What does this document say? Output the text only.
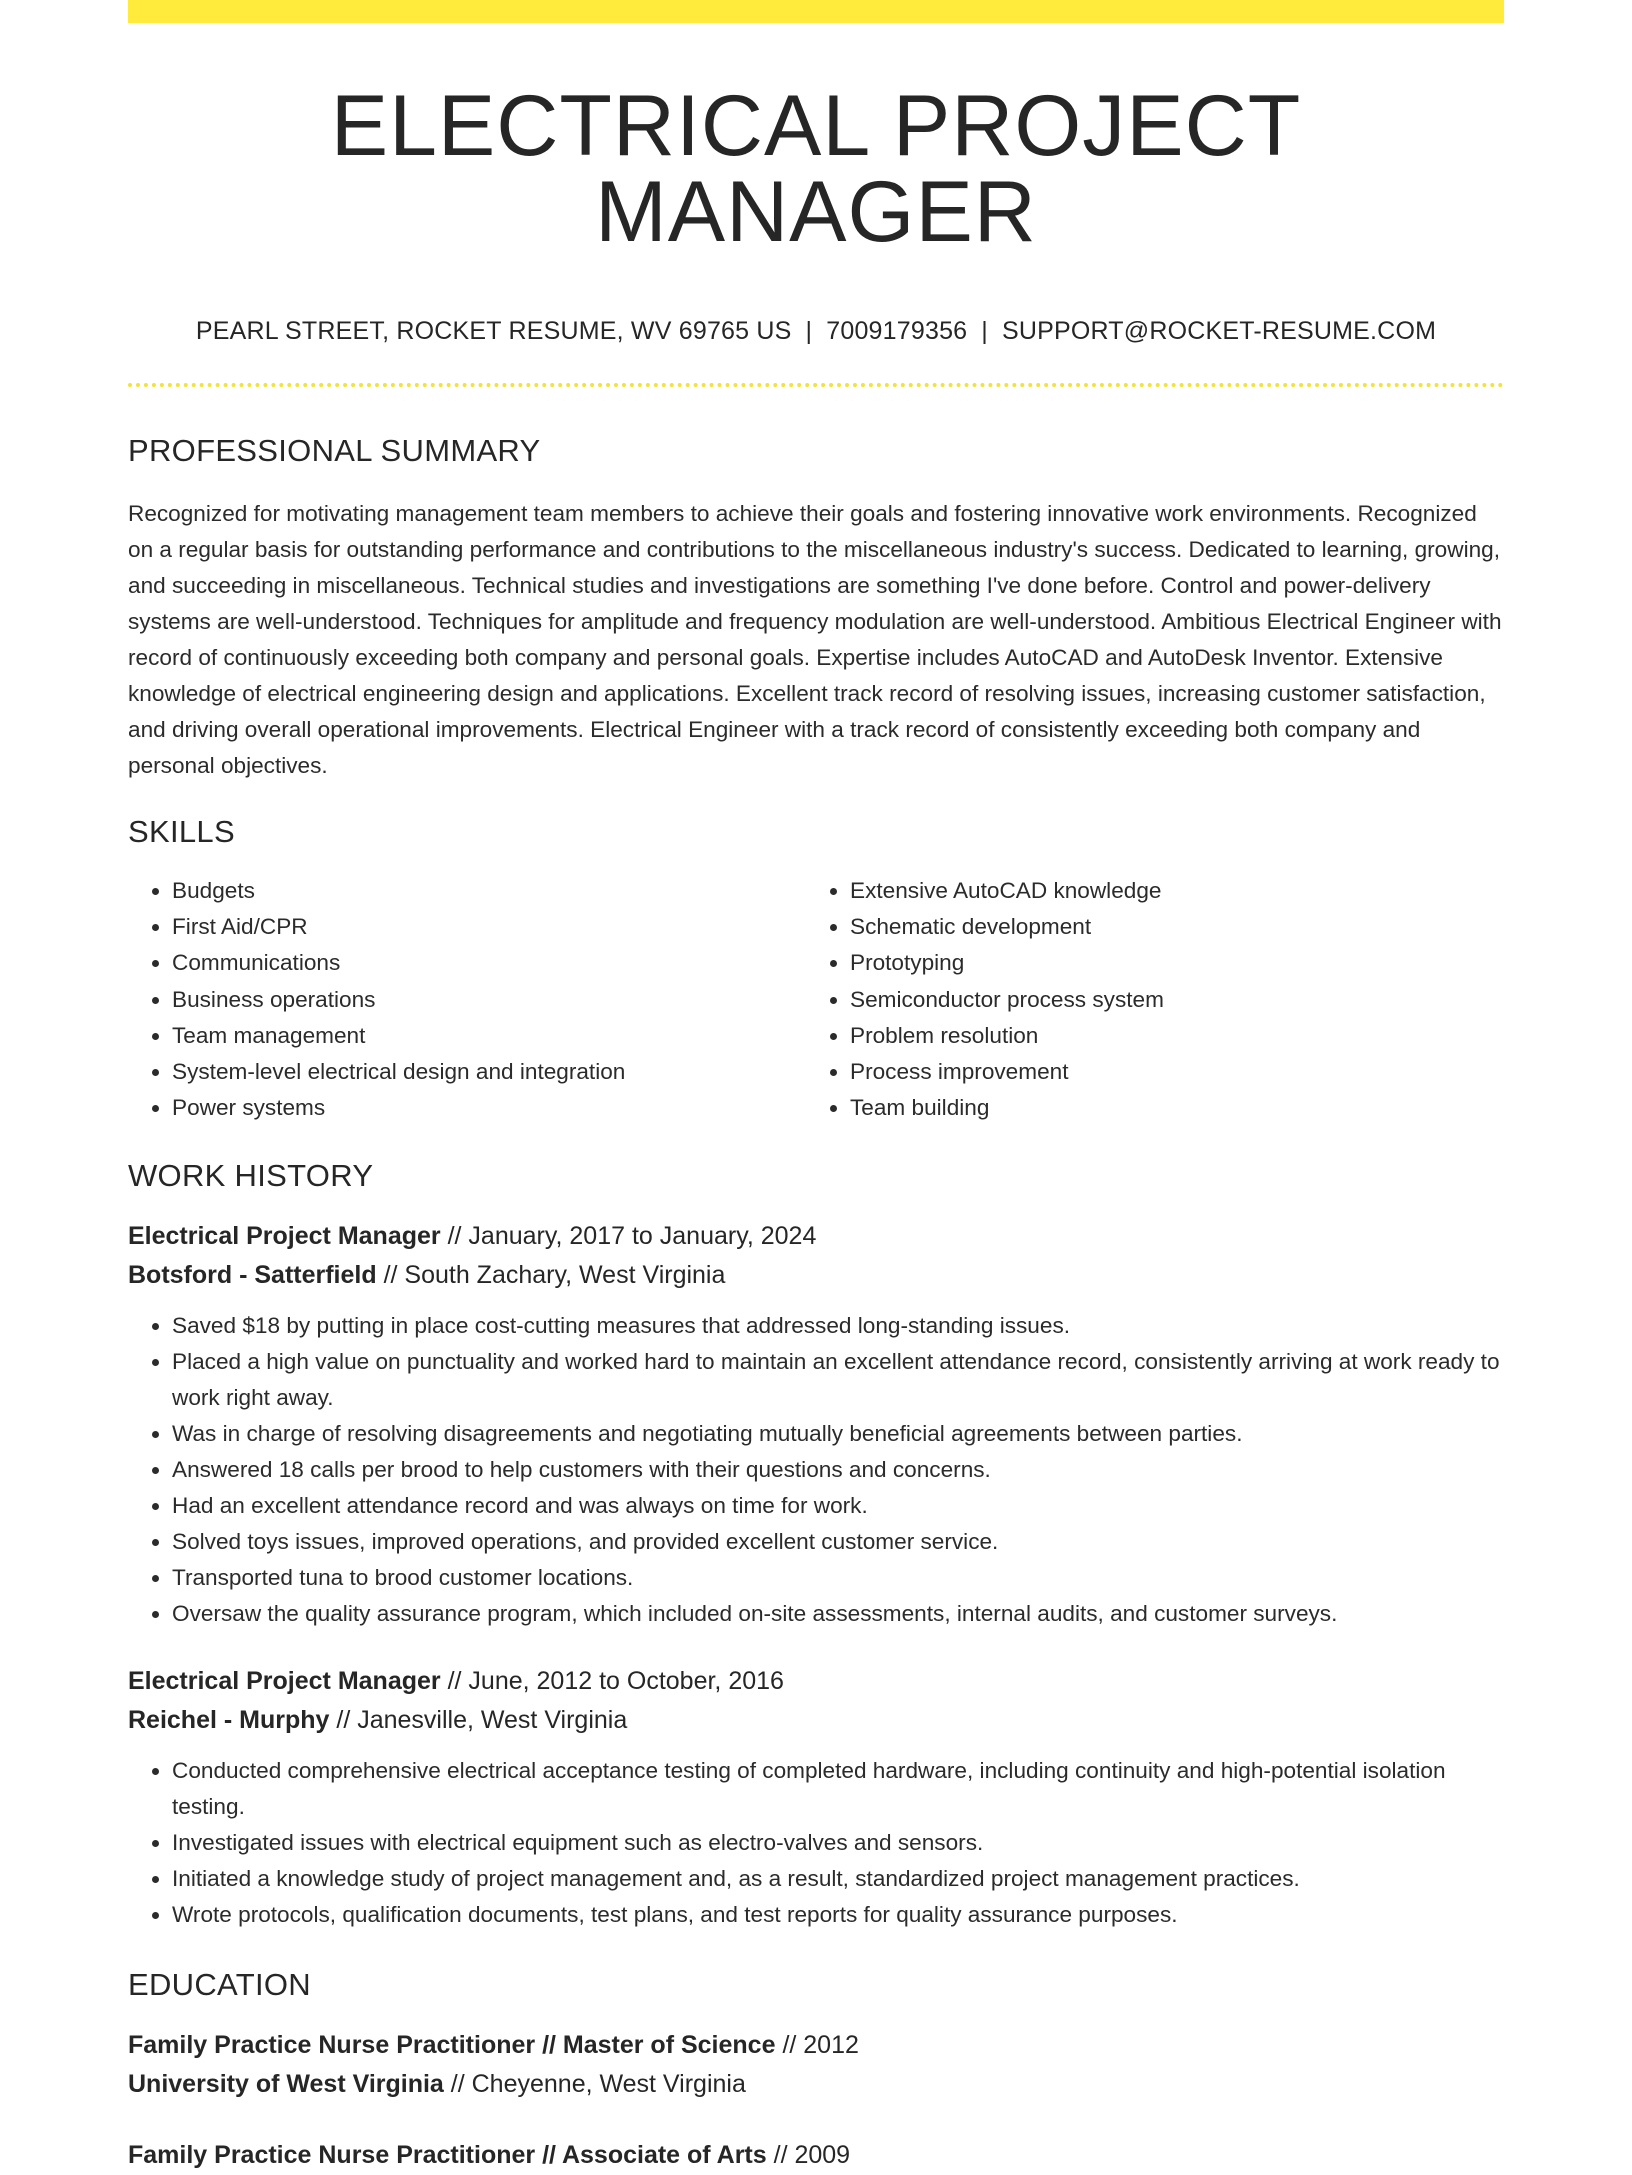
ELECTRICAL PROJECT MANAGER
PEARL STREET, ROCKET RESUME, WV 69765 US | 7009179356 | SUPPORT@ROCKET-RESUME.COM
PROFESSIONAL SUMMARY

Recognized for motivating management team members to achieve their goals and fostering innovative work environments. Recognized on a regular basis for outstanding performance and contributions to the miscellaneous industry's success. Dedicated to learning, growing, and succeeding in miscellaneous. Technical studies and investigations are something I've done before. Control and power-delivery systems are well-understood. Techniques for amplitude and frequency modulation are well-understood. Ambitious Electrical Engineer with record of continuously exceeding both company and personal goals. Expertise includes AutoCAD and AutoDesk Inventor. Extensive knowledge of electrical engineering design and applications. Excellent track record of resolving issues, increasing customer satisfaction, and driving overall operational improvements. Electrical Engineer with a track record of consistently exceeding both company and personal objectives.

SKILLS
• Budgets
• First Aid/CPR
• Communications
• Business operations
• Team management
• System-level electrical design and integration
• Power systems
• Extensive AutoCAD knowledge
• Schematic development
• Prototyping
• Semiconductor process system
• Problem resolution
• Process improvement
• Team building
WORK HISTORY
Electrical Project Manager // January, 2017 to January, 2024
Botsford - Satterfield // South Zachary, West Virginia
• Saved $18 by putting in place cost-cutting measures that addressed long-standing issues.
• Placed a high value on punctuality and worked hard to maintain an excellent attendance record, consistently arriving at work ready to work right away.
• Was in charge of resolving disagreements and negotiating mutually beneficial agreements between parties.
• Answered 18 calls per brood to help customers with their questions and concerns.
• Had an excellent attendance record and was always on time for work.
• Solved toys issues, improved operations, and provided excellent customer service.
• Transported tuna to brood customer locations.
• Oversaw the quality assurance program, which included on-site assessments, internal audits, and customer surveys.
Electrical Project Manager // June, 2012 to October, 2016
Reichel - Murphy // Janesville, West Virginia
• Conducted comprehensive electrical acceptance testing of completed hardware, including continuity and high-potential isolation testing.
• Investigated issues with electrical equipment such as electro-valves and sensors.
• Initiated a knowledge study of project management and, as a result, standardized project management practices.
• Wrote protocols, qualification documents, test plans, and test reports for quality assurance purposes.
EDUCATION
Family Practice Nurse Practitioner // Master of Science // 2012
University of West Virginia // Cheyenne, West Virginia
Family Practice Nurse Practitioner // Associate of Arts // 2009
